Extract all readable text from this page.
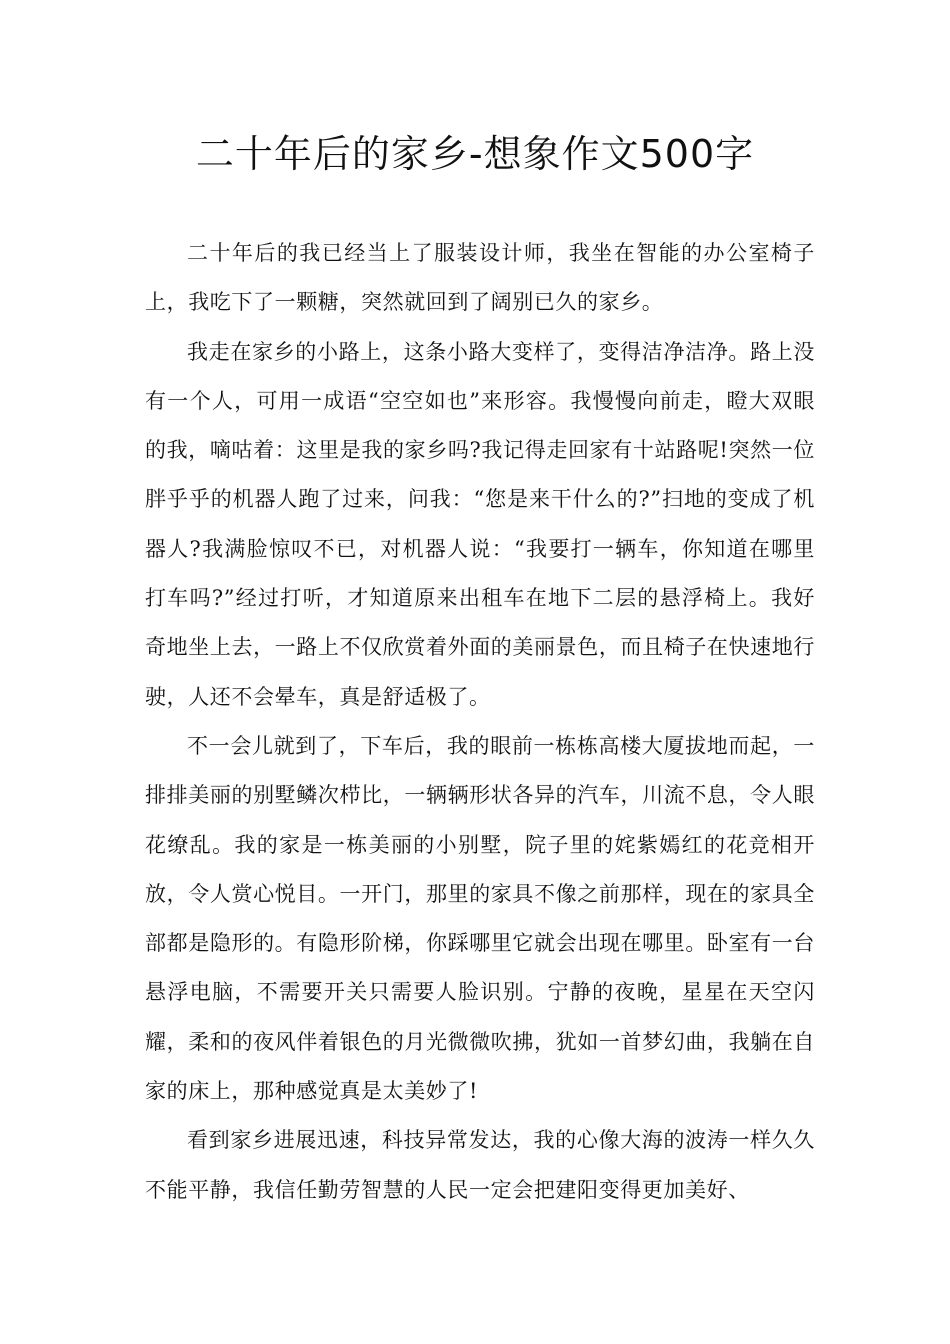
二十年后的家乡-想象作文500字

二十年后的我已经当上了服装设计师，我坐在智能的办公室椅子上，我吃下了一颗糖，突然就回到了阔别已久的家乡。

我走在家乡的小路上，这条小路大变样了，变得洁净洁净。路上没有一个人，可用一成语“空空如也”来形容。我慢慢向前走，瞪大双眼的我，嘀咕着：这里是我的家乡吗?我记得走回家有十站路呢!突然一位胖乎乎的机器人跑了过来，问我：“您是来干什么的?”扫地的变成了机器人?我满脸惊叹不已，对机器人说：“我要打一辆车，你知道在哪里打车吗?”经过打听，才知道原来出租车在地下二层的悬浮椅上。我好奇地坐上去，一路上不仅欣赏着外面的美丽景色，而且椅子在快速地行驶，人还不会晕车，真是舒适极了。

不一会儿就到了，下车后，我的眼前一栋栋高楼大厦拔地而起，一排排美丽的别墅鳞次栉比，一辆辆形状各异的汽车，川流不息，令人眼花缭乱。我的家是一栋美丽的小别墅，院子里的姹紫嫣红的花竞相开放，令人赏心悦目。一开门，那里的家具不像之前那样，现在的家具全部都是隐形的。有隐形阶梯，你踩哪里它就会出现在哪里。卧室有一台悬浮电脑，不需要开关只需要人脸识别。宁静的夜晚，星星在天空闪耀，柔和的夜风伴着银色的月光微微吹拂，犹如一首梦幻曲，我躺在自家的床上，那种感觉真是太美妙了!

看到家乡进展迅速，科技异常发达，我的心像大海的波涛一样久久不能平静，我信任勤劳智慧的人民一定会把建阳变得更加美好、
